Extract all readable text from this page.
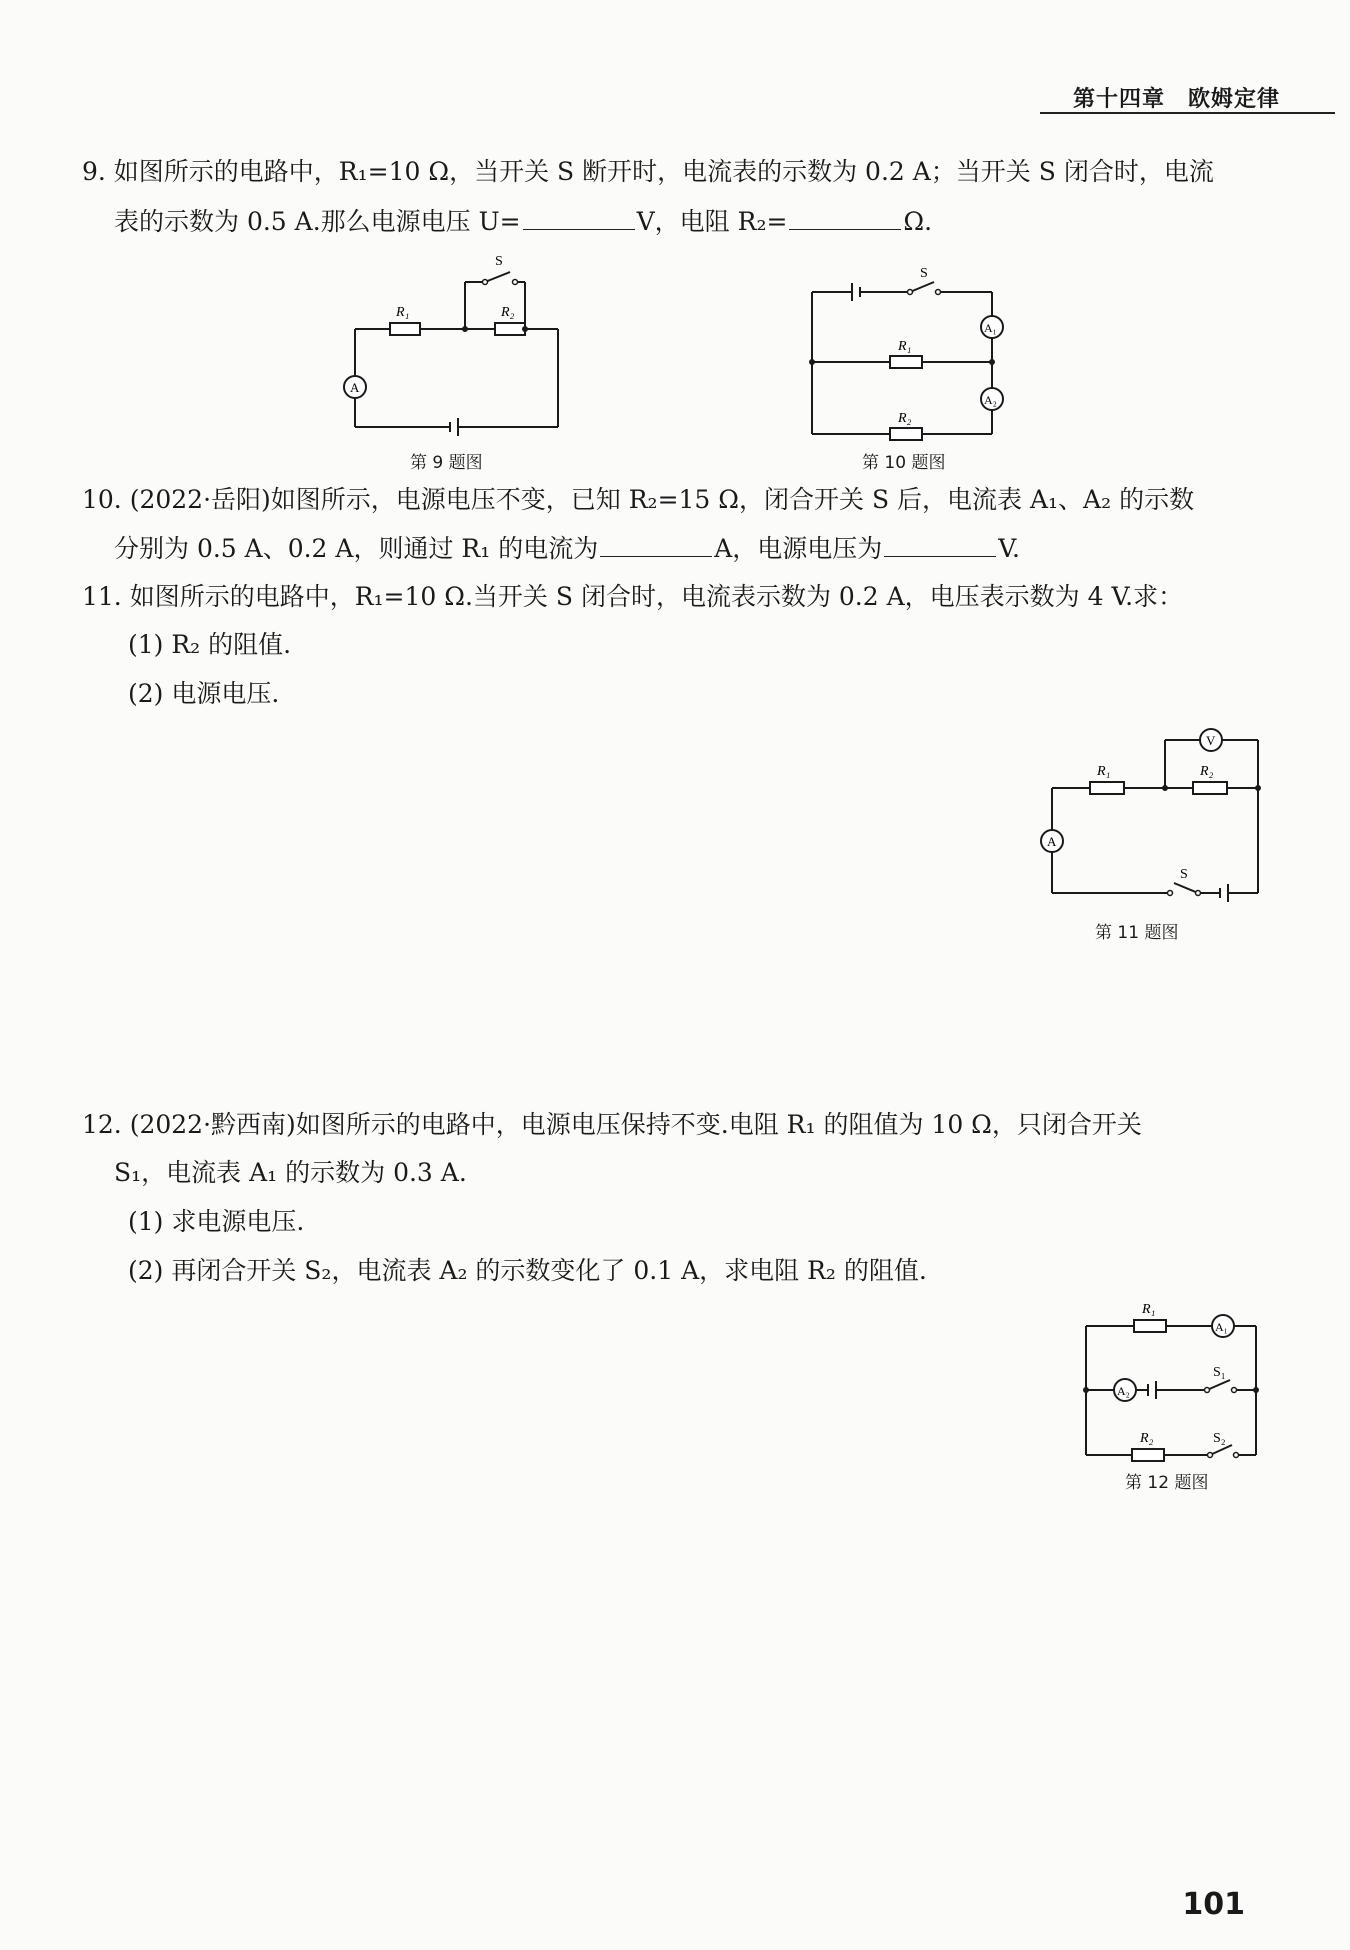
第十四章　欧姆定律
9. 如图所示的电路中，R₁=10 Ω，当开关 S 断开时，电流表的示数为 0.2 A；当开关 S 闭合时，电流
表的示数为 0.5 A.那么电源电压 U=	V，电阻 R₂=	Ω.
S
R₁	R₂
A
第 9 题图
S
R₁
R₂
A₁
A₂
第 10 题图
10. (2022·岳阳)如图所示，电源电压不变，已知 R₂=15 Ω，闭合开关 S 后，电流表 A₁、A₂ 的示数
分别为 0.5 A、0.2 A，则通过 R₁ 的电流为	A，电源电压为	V.
11. 如图所示的电路中，R₁=10 Ω.当开关 S 闭合时，电流表示数为 0.2 A，电压表示数为 4 V.求：
(1) R₂ 的阻值.
(2) 电源电压.
V
R₁	R₂
A
S
第 11 题图
12. (2022·黔西南)如图所示的电路中，电源电压保持不变.电阻 R₁ 的阻值为 10 Ω，只闭合开关
S₁，电流表 A₁ 的示数为 0.3 A.
(1) 求电源电压.
(2) 再闭合开关 S₂，电流表 A₂ 的示数变化了 0.1 A，求电阻 R₂ 的阻值.
R₁
A₁
A₂
S₁
R₂	S₂
第 12 题图
101
